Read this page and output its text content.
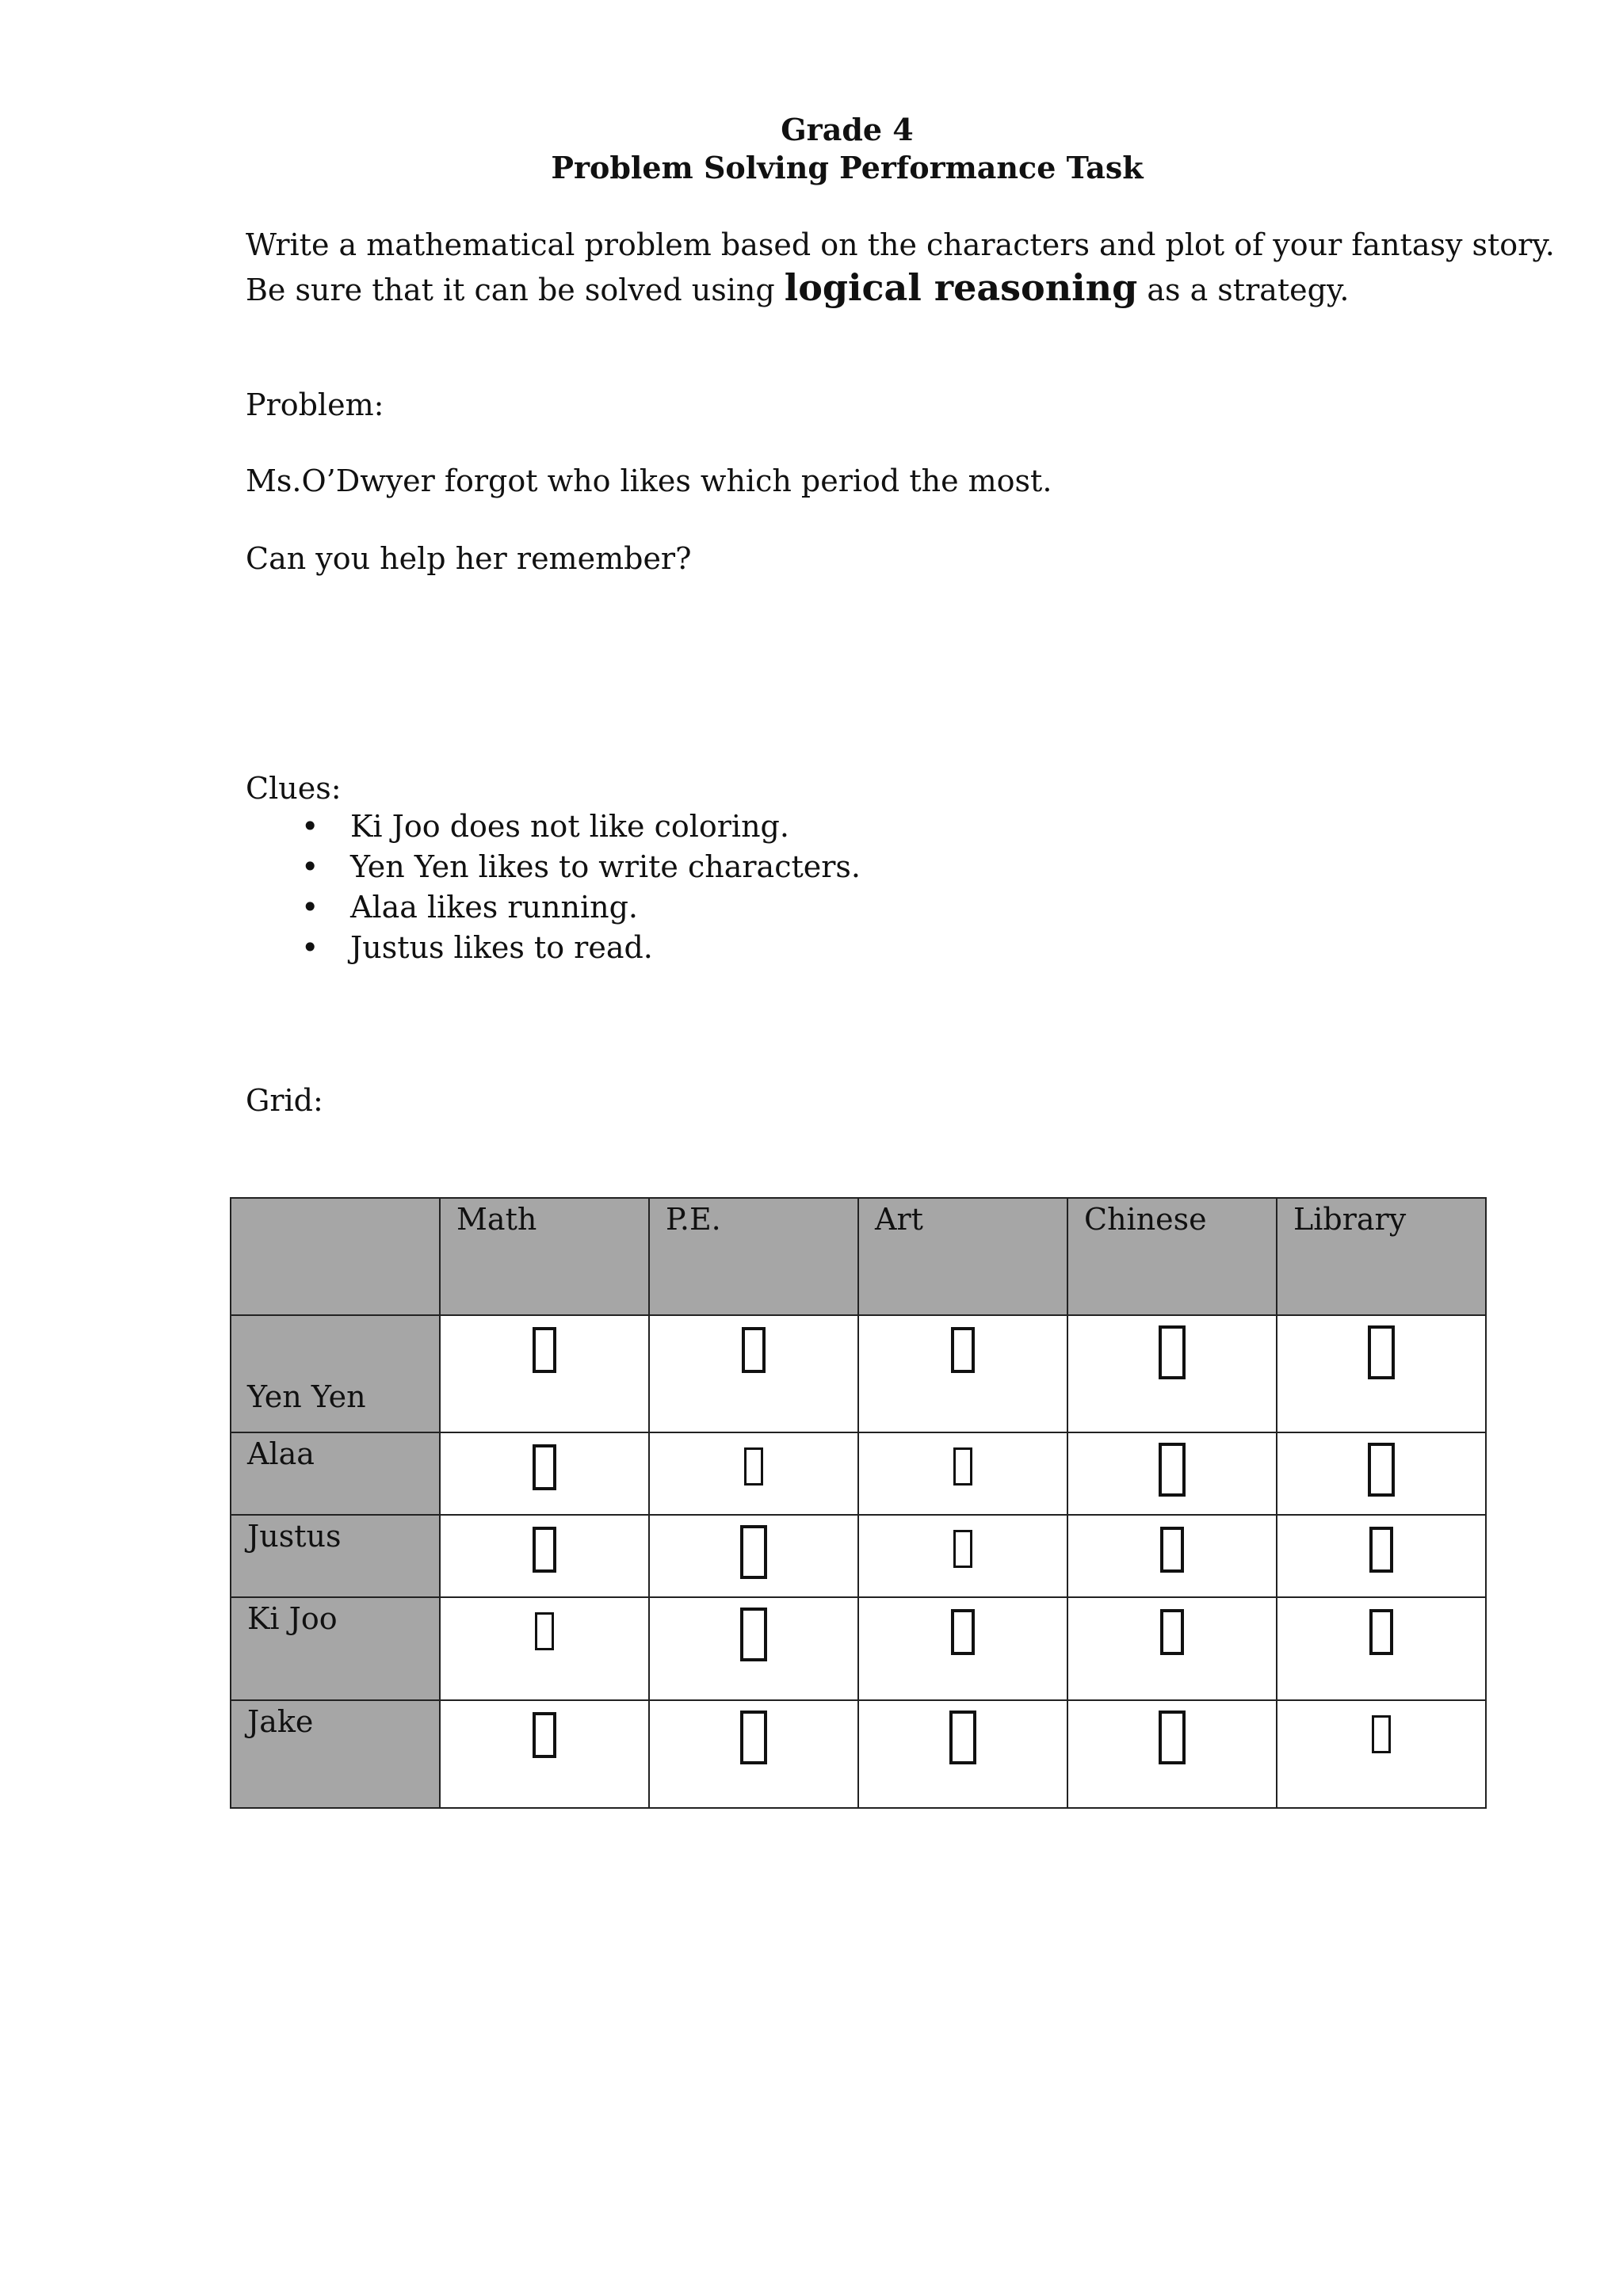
Grade 4
Problem Solving Performance Task
Write a mathematical problem based on the characters and plot of your fantasy story.
Be sure that it can be solved using logical reasoning as a strategy.
Problem:
Ms.O’Dwyer forgot who likes which period the most.
Can you help her remember?
Clues:
• Ki Joo does not like coloring.
• Yen Yen likes to write characters.
• Alaa likes running.
• Justus likes to read.
Grid:

	Math	P.E.	Art	Chinese	Library

Yen Yen					

Alaa					

Justus					

Ki Joo					

Jake					
